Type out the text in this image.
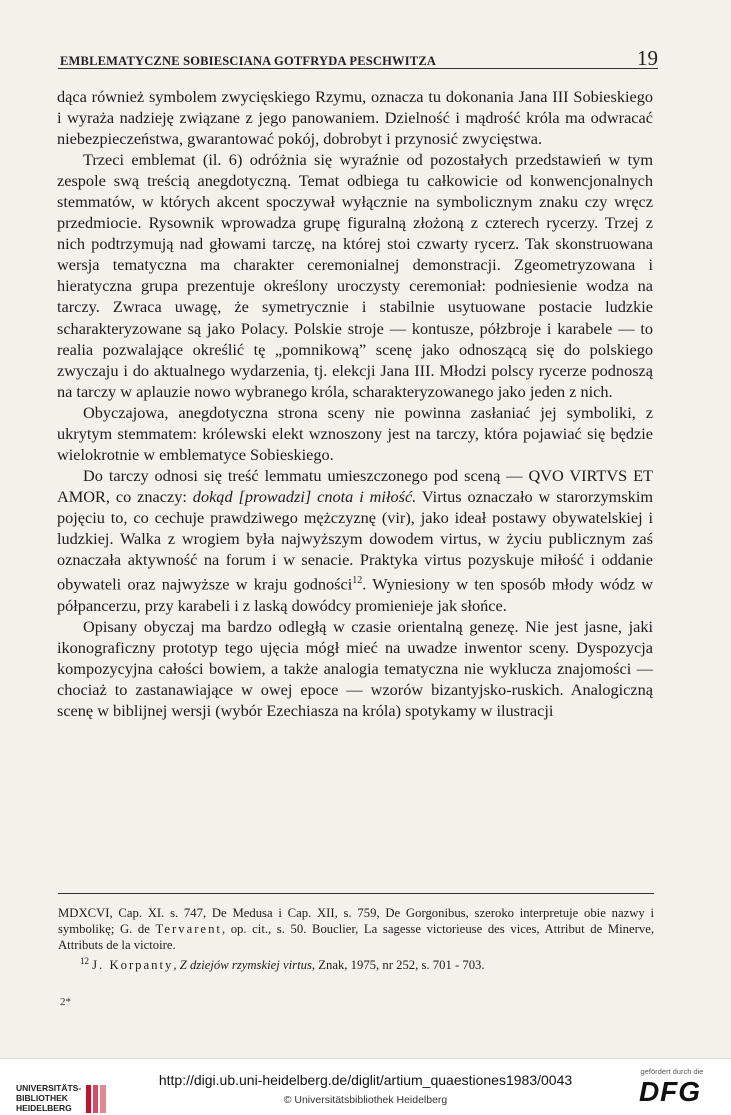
EMBLEMATYCZNE SOBIESCIANA GOTFRYDA PESCHWITZA	19

dąca również symbolem zwycięskiego Rzymu, oznacza tu dokonania Jana III Sobieskiego i wyraża nadzieję związane z jego panowaniem. Dzielność i mądrość króla ma odwracać niebezpieczeństwa, gwarantować pokój, dobrobyt i przynosić zwycięstwa.

Trzeci emblemat (il. 6) odróżnia się wyraźnie od pozostałych przedstawień w tym zespole swą treścią anegdotyczną. Temat odbiega tu całkowicie od konwencjonalnych stemmatów, w których akcent spoczywał wyłącznie na symbolicznym znaku czy wręcz przedmiocie. Rysownik wprowadza grupę figuralną złożoną z czterech rycerzy. Trzej z nich podtrzymują nad głowami tarczę, na której stoi czwarty rycerz. Tak skonstruowana wersja tematyczna ma charakter ceremonialnej demonstracji. Zgeometryzowana i hieratyczna grupa prezentuje określony uroczysty ceremoniał: podniesienie wodza na tarczy. Zwraca uwagę, że symetrycznie i stabilnie usytuowane postacie ludzkie scharakteryzowane są jako Polacy. Polskie stroje — kontusze, półzbroje i karabele — to realia pozwalające określić tę „pomnikową” scenę jako odnoszącą się do polskiego zwyczaju i do aktualnego wydarzenia, tj. elekcji Jana III. Młodzi polscy rycerze podnoszą na tarczy w aplauzie nowo wybranego króla, scharakteryzowanego jako jeden z nich.

Obyczajowa, anegdotyczna strona sceny nie powinna zasłaniać jej symboliki, z ukrytym stemmatem: królewski elekt wznoszony jest na tarczy, która pojawiać się będzie wielokrotnie w emblematyce Sobieskiego.

Do tarczy odnosi się treść lemmatu umieszczonego pod sceną — QVO VIRTVS ET AMOR, co znaczy: dokąd [prowadzi] cnota i miłość. Virtus oznaczało w starorzymskim pojęciu to, co cechuje prawdziwego mężczyznę (vir), jako ideał postawy obywatelskiej i ludzkiej. Walka z wrogiem była najwyższym dowodem virtus, w życiu publicznym zaś oznaczała aktywność na forum i w senacie. Praktyka virtus pozyskuje miłość i oddanie obywateli oraz najwyższe w kraju godności$^{12}$. Wyniesiony w ten sposób młody wódz w półpancerzu, przy karabeli i z laską dowódcy promienieje jak słońce.

Opisany obyczaj ma bardzo odległą w czasie orientalną genezę. Nie jest jasne, jaki ikonograficzny prototyp tego ujęcia mógł mieć na uwadze inwentor sceny. Dyspozycja kompozycyjna całości bowiem, a także analogia tematyczna nie wyklucza znajomości — chociaż to zastanawiające w owej epoce — wzorów bizantyjsko-ruskich. Analogiczną scenę w biblijnej wersji (wybór Ezechiasza na króla) spotykamy w ilustracji

MDXCVI, Cap. XI. s. 747, De Medusa i Cap. XII, s. 759, De Gorgonibus, szeroko interpretuje obie nazwy i symbolikę; G. de Tervarent, op. cit., s. 50. Bouclier, La sagesse victorieuse des vices, Attribut de Minerve, Attributs de la victoire.

$^{12}$ J. Korpanty, Z dziejów rzymskiej virtus, Znak, 1975, nr 252, s. 701 - 703.

2*
UNIVERSITÄTS-
BIBLIOTHEK
HEIDELBERG
http://digi.ub.uni-heidelberg.de/diglit/artium_quaestiones1983/0043
© Universitätsbibliothek Heidelberg
gefördert durch die
DFG
